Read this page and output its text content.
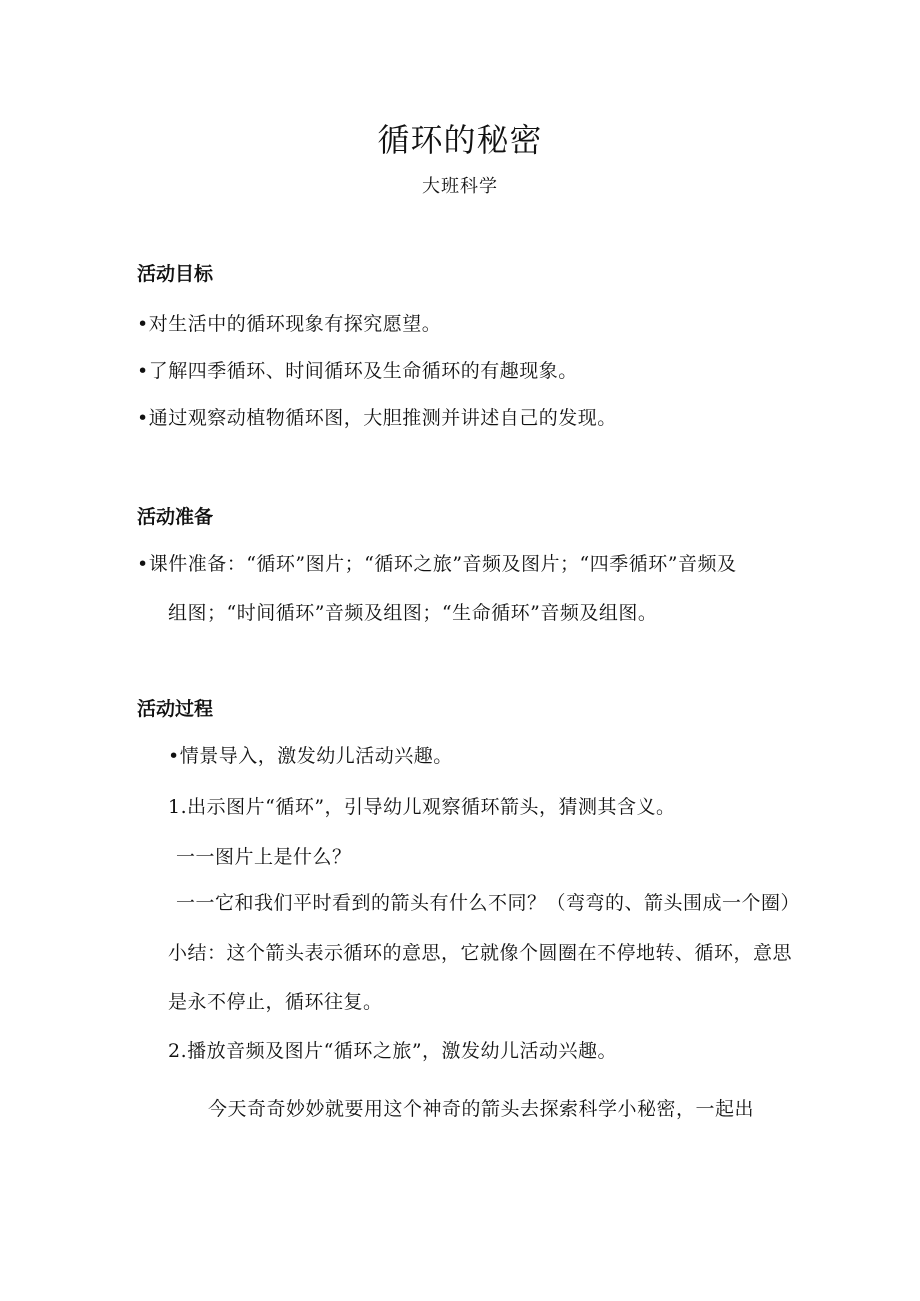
循环的秘密
大班科学
活动目标
•对生活中的循环现象有探究愿望。
•了解四季循环、时间循环及生命循环的有趣现象。
•通过观察动植物循环图，大胆推测并讲述自己的发现。
活动准备
•课件准备：“循环”图片；“循环之旅”音频及图片；“四季循环”音频及
组图；“时间循环”音频及组图；“生命循环”音频及组图。
活动过程
•情景导入，激发幼儿活动兴趣。
1.出示图片“循环”，引导幼儿观察循环箭头，猜测其含义。
一一图片上是什么？
一一它和我们平时看到的箭头有什么不同？（弯弯的、箭头围成一个圈）
小结：这个箭头表示循环的意思，它就像个圆圈在不停地转、循环，意思
是永不停止，循环往复。
2.播放音频及图片“循环之旅”，激发幼儿活动兴趣。
今天奇奇妙妙就要用这个神奇的箭头去探索科学小秘密，一起出
